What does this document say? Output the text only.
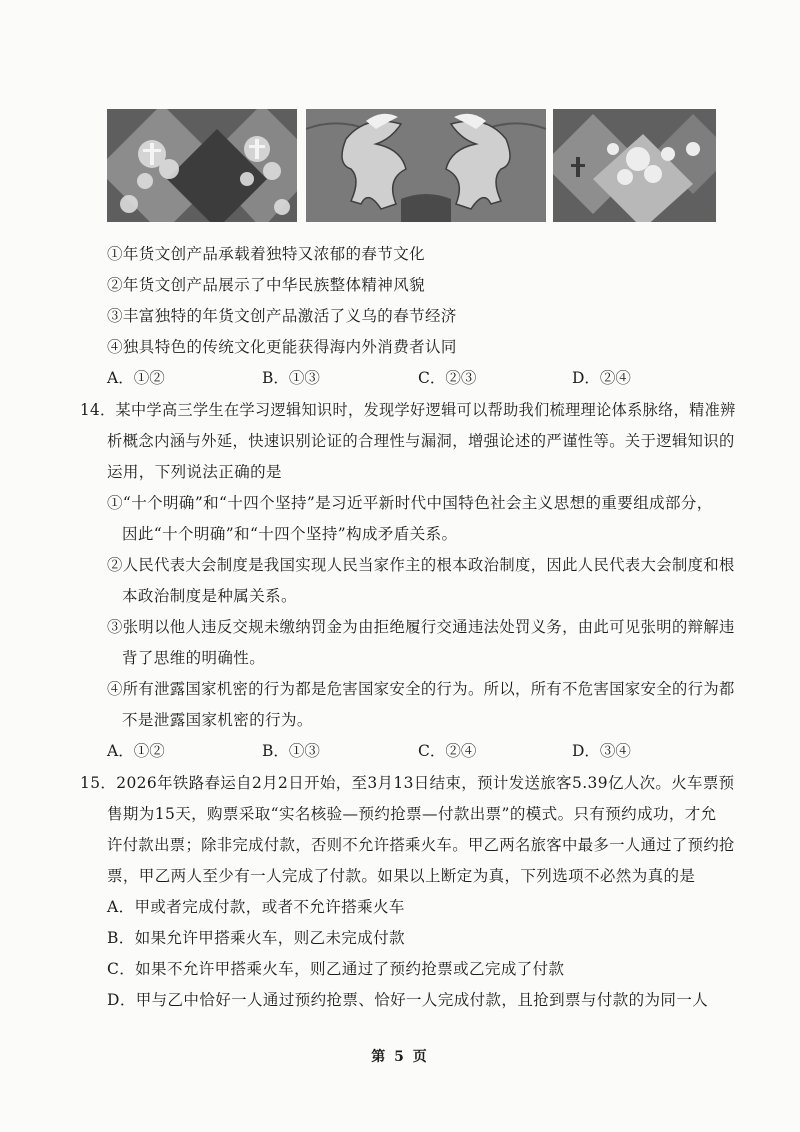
①年货文创产品承载着独特又浓郁的春节文化
②年货文创产品展示了中华民族整体精神风貌
③丰富独特的年货文创产品激活了义乌的春节经济
④独具特色的传统文化更能获得海内外消费者认同
A．①②	B．①③	C．②③	D．②④
14．某中学高三学生在学习逻辑知识时，发现学好逻辑可以帮助我们梳理理论体系脉络，精准辨
析概念内涵与外延，快速识别论证的合理性与漏洞，增强论述的严谨性等。关于逻辑知识的
运用，下列说法正确的是
①“十个明确”和“十四个坚持”是习近平新时代中国特色社会主义思想的重要组成部分，
因此“十个明确”和“十四个坚持”构成矛盾关系。
②人民代表大会制度是我国实现人民当家作主的根本政治制度，因此人民代表大会制度和根
本政治制度是种属关系。
③张明以他人违反交规未缴纳罚金为由拒绝履行交通违法处罚义务，由此可见张明的辩解违
背了思维的明确性。
④所有泄露国家机密的行为都是危害国家安全的行为。所以，所有不危害国家安全的行为都
不是泄露国家机密的行为。
A．①②	B．①③	C．②④	D．③④
15．2026年铁路春运自2月2日开始，至3月13日结束，预计发送旅客5.39亿人次。火车票预
售期为15天，购票采取“实名核验—预约抢票—付款出票”的模式。只有预约成功，才允
许付款出票；除非完成付款，否则不允许搭乘火车。甲乙两名旅客中最多一人通过了预约抢
票，甲乙两人至少有一人完成了付款。如果以上断定为真，下列选项不必然为真的是
A．甲或者完成付款，或者不允许搭乘火车
B．如果允许甲搭乘火车，则乙未完成付款
C．如果不允许甲搭乘火车，则乙通过了预约抢票或乙完成了付款
D．甲与乙中恰好一人通过预约抢票、恰好一人完成付款，且抢到票与付款的为同一人
第 5 页
